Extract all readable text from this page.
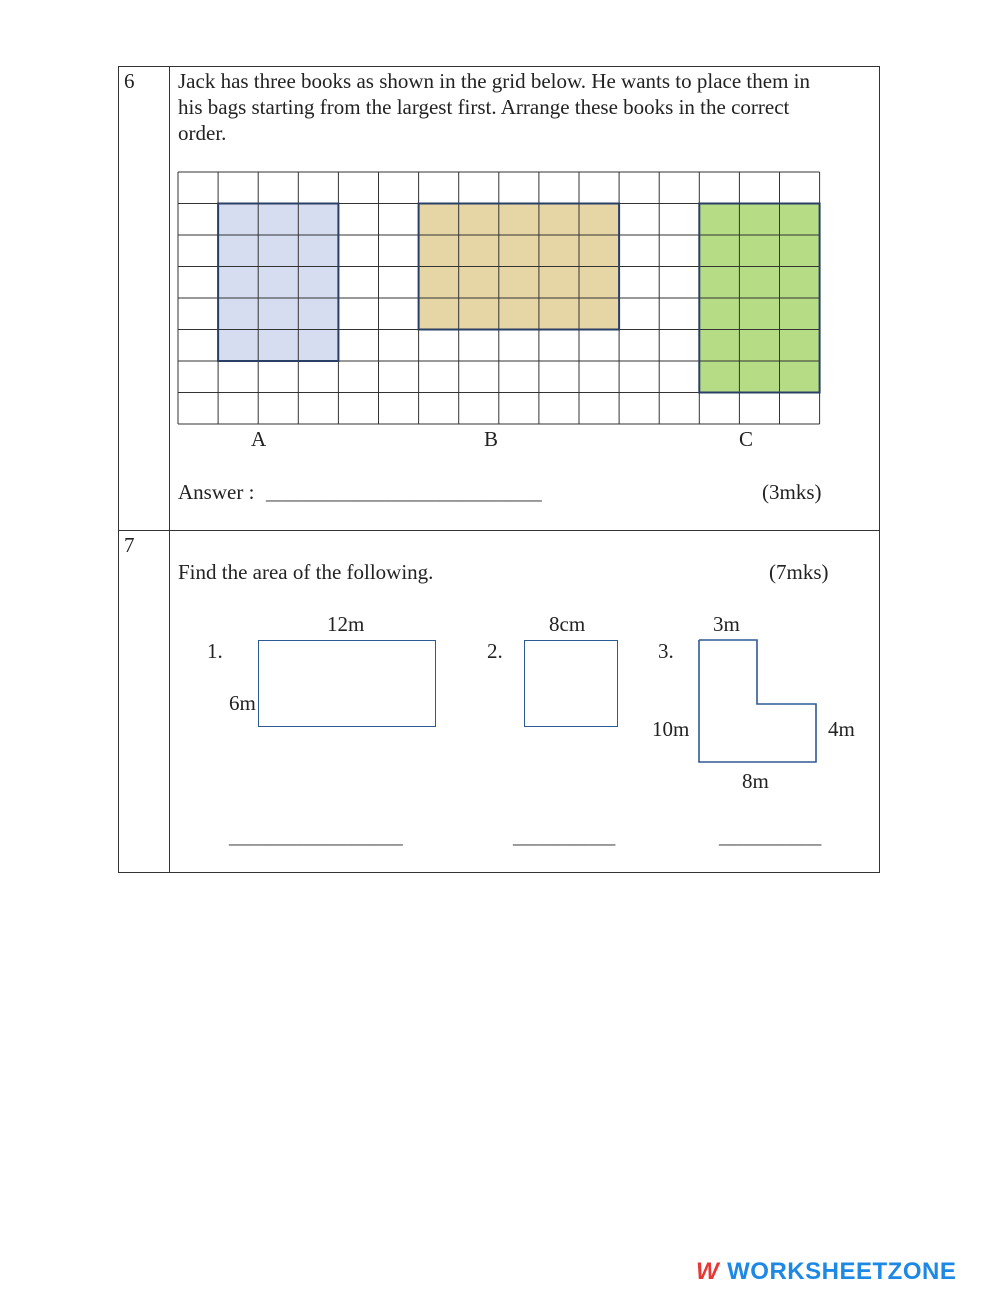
6 Jack has three books as shown in the grid below. He wants to place them in
his bags starting from the largest first. Arrange these books in the correct
order.
A	B	C
Answer : ___________________________	(3mks)
7
Find the area of the following.	(7mks)
1.
12m
6m
_________________
2.
8cm
__________
3.
3m
10m	4m
8m
__________
W WORKSHEETZONE
